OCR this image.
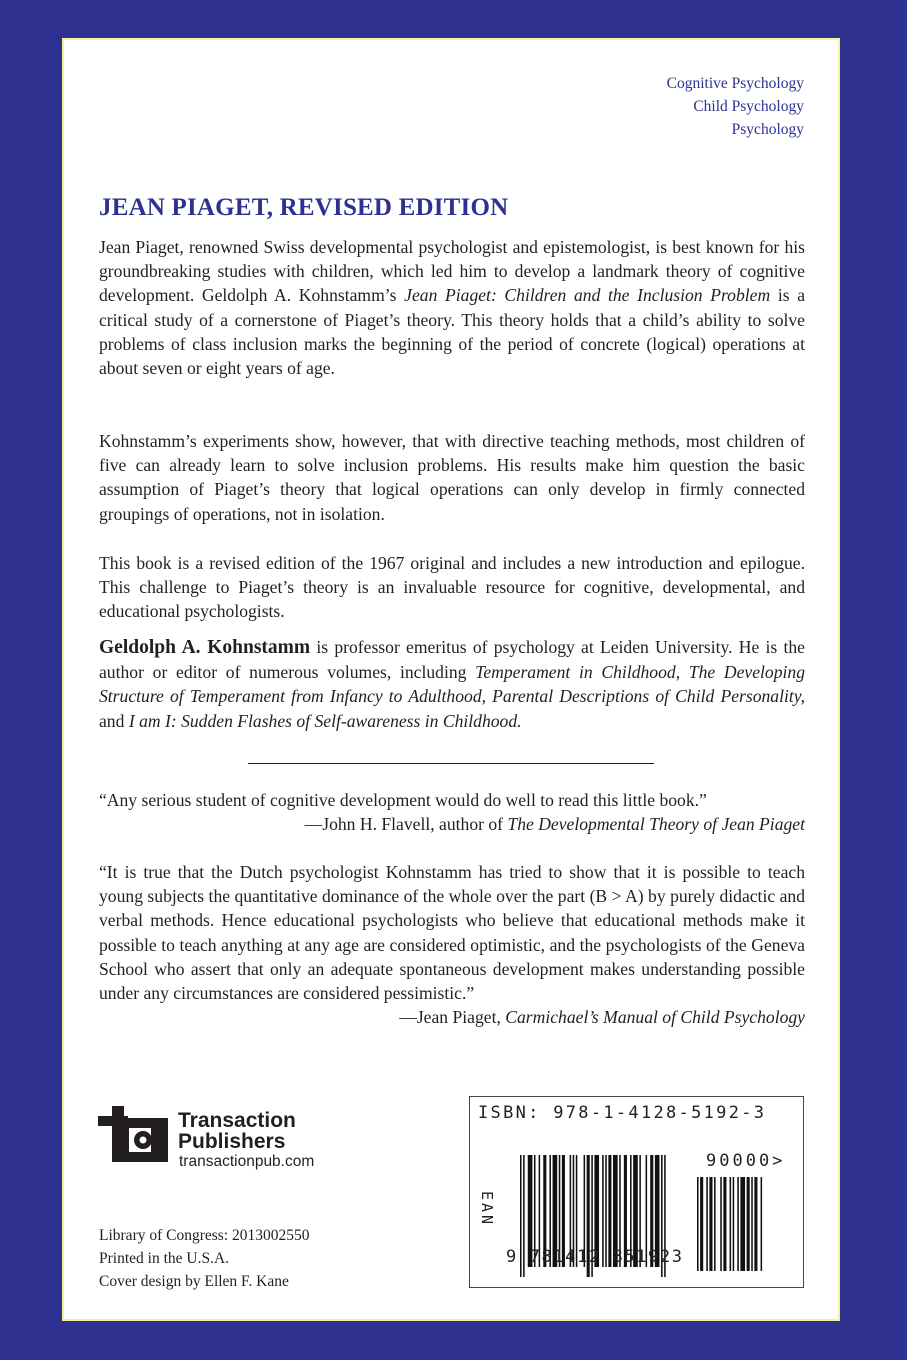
Cognitive Psychology
Child Psychology
Psychology
JEAN PIAGET, REVISED EDITION

Jean Piaget, renowned Swiss developmental psychologist and epistemologist, is best known for his groundbreaking studies with children, which led him to develop a landmark theory of cognitive development. Geldolph A. Kohnstamm’s Jean Piaget: Children and the Inclusion Problem is a critical study of a cornerstone of Piaget’s theory. This theory holds that a child’s ability to solve problems of class inclusion marks the beginning of the period of concrete (logical) operations at about seven or eight years of age.

Kohnstamm’s experiments show, however, that with directive teaching methods, most children of five can already learn to solve inclusion problems. His results make him question the basic assumption of Piaget’s theory that logical operations can only develop in firmly connected groupings of operations, not in isolation.

This book is a revised edition of the 1967 original and includes a new introduction and epilogue. This challenge to Piaget’s theory is an invaluable resource for cognitive, developmental, and educational psychologists.

Geldolph A. Kohnstamm is professor emeritus of psychology at Leiden University. He is the author or editor of numerous volumes, including Temperament in Childhood, The Developing Structure of Temperament from Infancy to Adulthood, Parental Descriptions of Child Personality, and I am I: Sudden Flashes of Self-awareness in Childhood.

“Any serious student of cognitive development would do well to read this little book.”

—John H. Flavell, author of The Developmental Theory of Jean Piaget

“It is true that the Dutch psychologist Kohnstamm has tried to show that it is possible to teach young subjects the quantitative dominance of the whole over the part (B > A) by purely didactic and verbal methods. Hence educational psychologists who believe that educational methods make it possible to teach anything at any age are considered optimistic, and the psychologists of the Geneva School who assert that only an adequate spontaneous development makes understanding possible under any circumstances are considered pessimistic.”

—Jean Piaget, Carmichael’s Manual of Child Psychology

Transaction
Publishers
transactionpub.com
Library of Congress: 2013002550
Printed in the U.S.A.
Cover design by Ellen F. Kane
ISBN: 978-1-4128-5192-3
EAN
90000>
9 781412 851923
